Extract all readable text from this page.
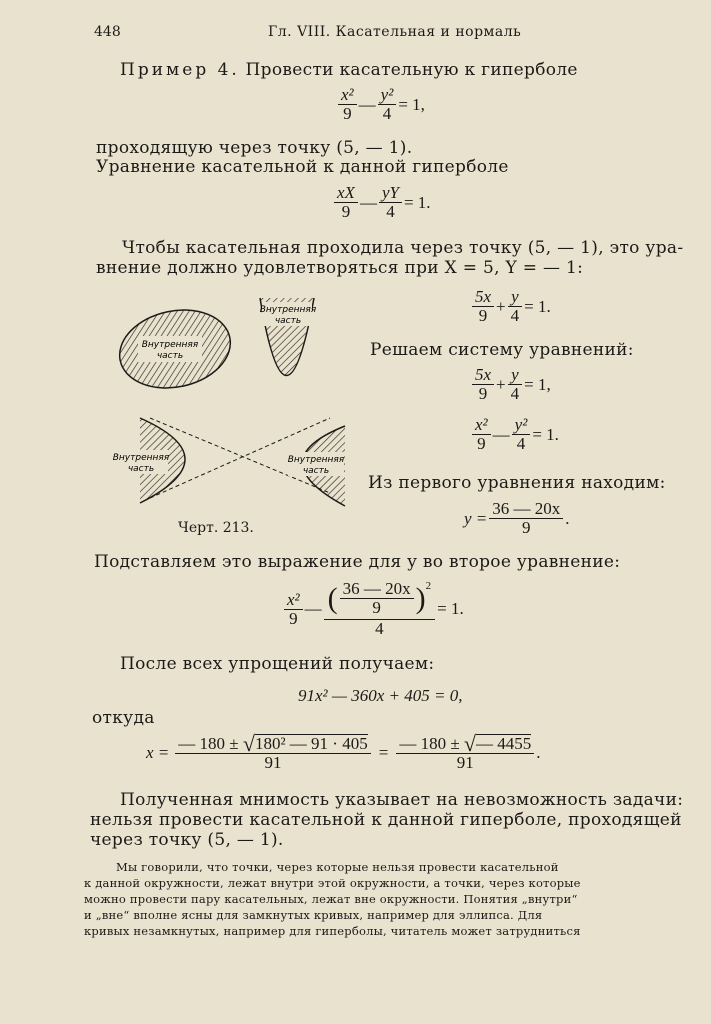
448	Гл. VIII. Касательная и нормаль
Пример 4. Провести касательную к гиперболе
$\frac{\text{x²}}{9}$ — $\frac{\text{y²}}{4} = 1$,
проходящую через точку (5, — 1).
Уравнение касательной к данной гиперболе
$\frac{xX}{9}$ — $\frac{yY}{4} = 1$.
Чтобы касательная проходила через точку (5, — 1), это ура-
внение должно удовлетворяться при X = 5, Y = — 1:
$\frac{5x}{9} + \frac{y}{4} = 1$.
Решаем систему уравнений:
$\frac{5x}{9} + \frac{y}{4} = 1$,
$\frac{\text{x²}}{9}$ — $\frac{\text{y²}}{4} = 1$.
Из первого уравнения находим:
$y = \frac{36 — 20x}{9}$ .
Внутренняя
часть
Внутренняя
часть
Внутренняя
часть
Внутренняя
часть
Черт. 213.
Подставляем это выражение для y во второе уравнение:
$\frac{\text{x²}}{9}$ — $\frac{( \frac{36 — 20x}{9} )^2}{4} = 1$.
После всех упрощений получаем:
91x² — 360x + 405 = 0,
откуда
x = — 180 ±
√ 180² — 91 · 405
91 = — 180 ±
√ — 4455
91 .
Полученная мнимость указывает на невозможность задачи:
нельзя провести касательной к данной гиперболе, проходящей
через точку (5, — 1).
Мы говорили, что точки, через которые нельзя провести касательной
к данной окружности, лежат внутри этой окружности, а точки, через которые
можно провести пару касательных, лежат вне окружности. Понятия „внутри“
и „вне“ вполне ясны для замкнутых кривых, например для эллипса. Для
кривых незамкнутых, например для гиперболы, читатель может затрудниться
